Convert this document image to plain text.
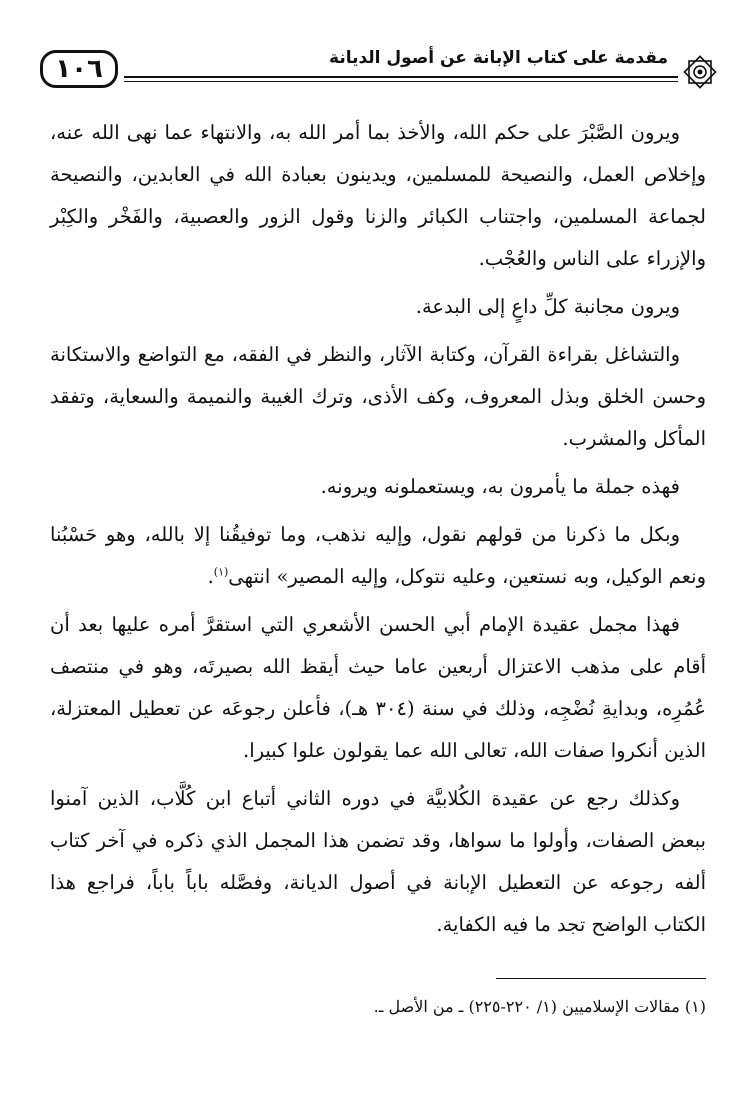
١٠٦	مقدمة على كتاب الإبانة عن أصول الديانة

ويرون الصَّبْرَ على حكم الله، والأخذ بما أمر الله به، والانتهاء عما نهى الله عنه، وإخلاص العمل، والنصيحة للمسلمين، ويدينون بعبادة الله في العابدين، والنصيحة لجماعة المسلمين، واجتناب الكبائر والزنا وقول الزور والعصبية، والفَخْر والكِبْر والإزراء على الناس والعُجْب.

ويرون مجانبة كلِّ داعٍ إلى البدعة.

والتشاغل بقراءة القرآن، وكتابة الآثار، والنظر في الفقه، مع التواضع والاستكانة وحسن الخلق وبذل المعروف، وكف الأذى، وترك الغيبة والنميمة والسعاية، وتفقد المأكل والمشرب.

فهذه جملة ما يأمرون به، ويستعملونه ويرونه.

وبكل ما ذكرنا من قولهم نقول، وإليه نذهب، وما توفيقُنا إلا بالله، وهو حَسْبُنا ونعم الوكيل، وبه نستعين، وعليه نتوكل، وإليه المصير» انتهى$^{(١)}$.

فهذا مجمل عقيدة الإمام أبي الحسن الأشعري التي استقرَّ أمره عليها بعد أن أقام على مذهب الاعتزال أربعين عاما حيث أيقظ الله بصيرتَه، وهو في منتصف عُمُرِه، وبدايةِ نُضْجِه، وذلك في سنة (٣٠٤ هـ)، فأعلن رجوعَه عن تعطيل المعتزلة، الذين أنكروا صفات الله، تعالى الله عما يقولون علوا كبيرا.

وكذلك رجع عن عقيدة الكُلابيَّة في دوره الثاني أتباع ابن كُلَّاب، الذين آمنوا ببعض الصفات، وأولوا ما سواها، وقد تضمن هذا المجمل الذي ذكره في آخر كتاب ألفه رجوعه عن التعطيل الإبانة في أصول الديانة، وفصَّله باباً باباً، فراجع هذا الكتاب الواضح تجد ما فيه الكفاية.

(١) مقالات الإسلاميين (١/ ٢٢٠-٢٢٥) ـ من الأصل ـ.
